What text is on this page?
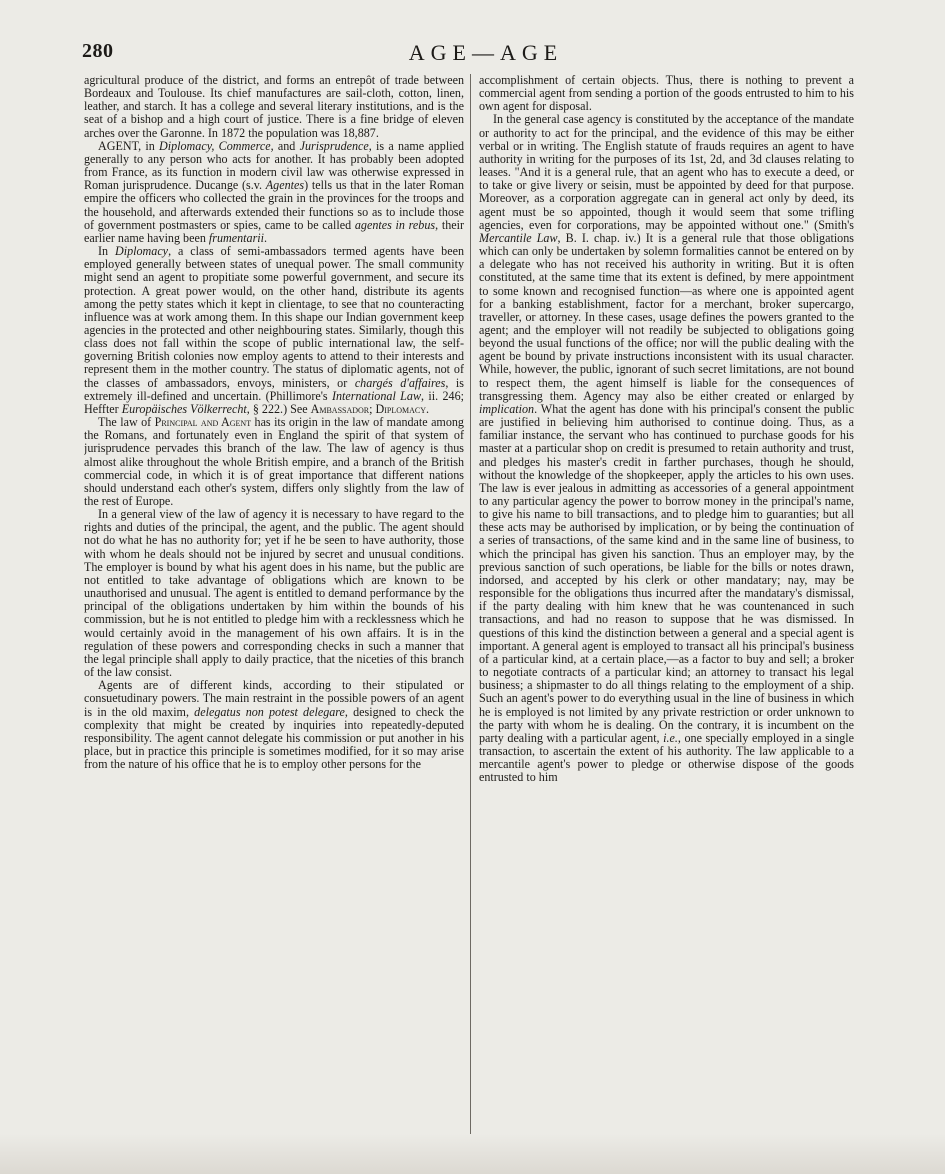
280	AGE—AGE

agricultural produce of the district, and forms an entrepôt of trade between Bordeaux and Toulouse. Its chief manufactures are sail-cloth, cotton, linen, leather, and starch. It has a college and several literary institutions, and is the seat of a bishop and a high court of justice. There is a fine bridge of eleven arches over the Garonne. In 1872 the population was 18,887.

AGENT, in Diplomacy, Commerce, and Jurisprudence, is a name applied generally to any person who acts for another. It has probably been adopted from France, as its function in modern civil law was otherwise expressed in Roman jurisprudence. Ducange (s.v. Agentes) tells us that in the later Roman empire the officers who collected the grain in the provinces for the troops and the household, and afterwards extended their functions so as to include those of government postmasters or spies, came to be called agentes in rebus, their earlier name having been frumentarii.

In Diplomacy, a class of semi-ambassadors termed agents have been employed generally between states of unequal power. The small community might send an agent to propitiate some powerful government, and secure its protection. A great power would, on the other hand, distribute its agents among the petty states which it kept in clientage, to see that no counteracting influence was at work among them. In this shape our Indian government keep agencies in the protected and other neighbouring states. Similarly, though this class does not fall within the scope of public international law, the self-governing British colonies now employ agents to attend to their interests and represent them in the mother country. The status of diplomatic agents, not of the classes of ambassadors, envoys, ministers, or chargés d'affaires, is extremely ill-defined and uncertain. (Phillimore's International Law, ii. 246; Heffter Europäisches Völkerrecht, § 222.) See Ambassador; Diplomacy.

The law of Principal and Agent has its origin in the law of mandate among the Romans, and fortunately even in England the spirit of that system of jurisprudence pervades this branch of the law. The law of agency is thus almost alike throughout the whole British empire, and a branch of the British commercial code, in which it is of great importance that different nations should understand each other's system, differs only slightly from the law of the rest of Europe.

In a general view of the law of agency it is necessary to have regard to the rights and duties of the principal, the agent, and the public. The agent should not do what he has no authority for; yet if he be seen to have authority, those with whom he deals should not be injured by secret and unusual conditions. The employer is bound by what his agent does in his name, but the public are not entitled to take advantage of obligations which are known to be unauthorised and unusual. The agent is entitled to demand performance by the principal of the obligations undertaken by him within the bounds of his commission, but he is not entitled to pledge him with a recklessness which he would certainly avoid in the management of his own affairs. It is in the regulation of these powers and corresponding checks in such a manner that the legal principle shall apply to daily practice, that the niceties of this branch of the law consist.

Agents are of different kinds, according to their stipulated or consuetudinary powers. The main restraint in the possible powers of an agent is in the old maxim, delegatus non potest delegare, designed to check the complexity that might be created by inquiries into repeatedly-deputed responsibility. The agent cannot delegate his commission or put another in his place, but in practice this principle is sometimes modified, for it so may arise from the nature of his office that he is to employ other persons for the

accomplishment of certain objects. Thus, there is nothing to prevent a commercial agent from sending a portion of the goods entrusted to him to his own agent for disposal.

In the general case agency is constituted by the acceptance of the mandate or authority to act for the principal, and the evidence of this may be either verbal or in writing. The English statute of frauds requires an agent to have authority in writing for the purposes of its 1st, 2d, and 3d clauses relating to leases. "And it is a general rule, that an agent who has to execute a deed, or to take or give livery or seisin, must be appointed by deed for that purpose. Moreover, as a corporation aggregate can in general act only by deed, its agent must be so appointed, though it would seem that some trifling agencies, even for corporations, may be appointed without one." (Smith's Mercantile Law, B. I. chap. iv.) It is a general rule that those obligations which can only be undertaken by solemn formalities cannot be entered on by a delegate who has not received his authority in writing. But it is often constituted, at the same time that its extent is defined, by mere appointment to some known and recognised function—as where one is appointed agent for a banking establishment, factor for a merchant, broker supercargo, traveller, or attorney. In these cases, usage defines the powers granted to the agent; and the employer will not readily be subjected to obligations going beyond the usual functions of the office; nor will the public dealing with the agent be bound by private instructions inconsistent with its usual character. While, however, the public, ignorant of such secret limitations, are not bound to respect them, the agent himself is liable for the consequences of transgressing them. Agency may also be either created or enlarged by implication. What the agent has done with his principal's consent the public are justified in believing him authorised to continue doing. Thus, as a familiar instance, the servant who has continued to purchase goods for his master at a particular shop on credit is presumed to retain authority and trust, and pledges his master's credit in farther purchases, though he should, without the knowledge of the shopkeeper, apply the articles to his own uses. The law is ever jealous in admitting as accessories of a general appointment to any particular agency the power to borrow money in the principal's name, to give his name to bill transactions, and to pledge him to guaranties; but all these acts may be authorised by implication, or by being the continuation of a series of transactions, of the same kind and in the same line of business, to which the principal has given his sanction. Thus an employer may, by the previous sanction of such operations, be liable for the bills or notes drawn, indorsed, and accepted by his clerk or other mandatary; nay, may be responsible for the obligations thus incurred after the mandatary's dismissal, if the party dealing with him knew that he was countenanced in such transactions, and had no reason to suppose that he was dismissed. In questions of this kind the distinction between a general and a special agent is important. A general agent is employed to transact all his principal's business of a particular kind, at a certain place,—as a factor to buy and sell; a broker to negotiate contracts of a particular kind; an attorney to transact his legal business; a shipmaster to do all things relating to the employment of a ship. Such an agent's power to do everything usual in the line of business in which he is employed is not limited by any private restriction or order unknown to the party with whom he is dealing. On the contrary, it is incumbent on the party dealing with a particular agent, i.e., one specially employed in a single transaction, to ascertain the extent of his authority. The law applicable to a mercantile agent's power to pledge or otherwise dispose of the goods entrusted to him
